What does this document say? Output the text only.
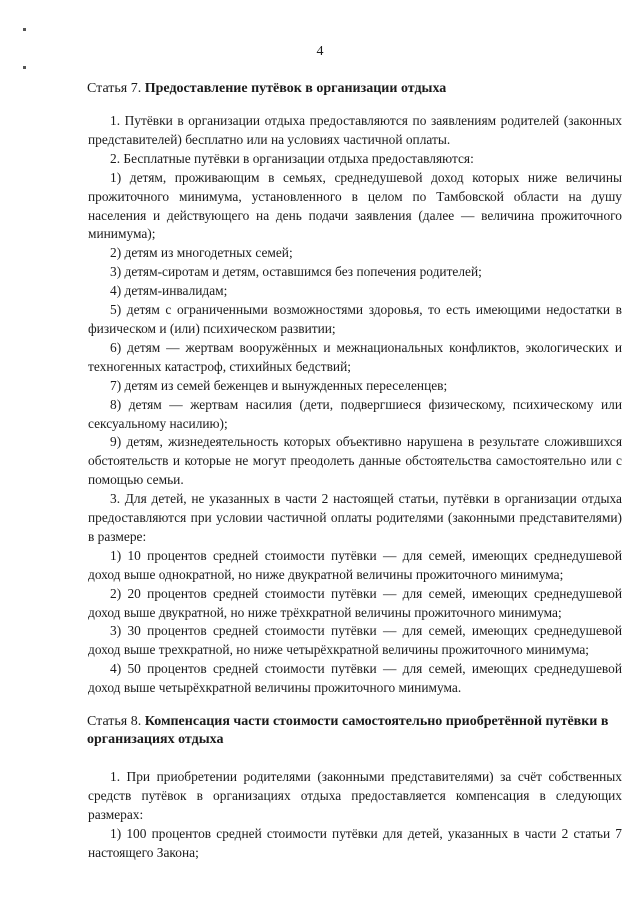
4
Статья 7. Предоставление путёвок в организации отдыха

1. Путёвки в организации отдыха предоставляются по заявлениям родителей (законных представителей) бесплатно или на условиях частичной оплаты.

2. Бесплатные путёвки в организации отдыха предоставляются:

1) детям, проживающим в семьях, среднедушевой доход которых ниже величины прожиточного минимума, установленного в целом по Тамбовской области на душу населения и действующего на день подачи заявления (далее — величина прожиточного минимума);

2) детям из многодетных семей;

3) детям-сиротам и детям, оставшимся без попечения родителей;

4) детям-инвалидам;

5) детям с ограниченными возможностями здоровья, то есть имеющими недостатки в физическом и (или) психическом развитии;

6) детям — жертвам вооружённых и межнациональных конфликтов, экологических и техногенных катастроф, стихийных бедствий;

7) детям из семей беженцев и вынужденных переселенцев;

8) детям — жертвам насилия (дети, подвергшиеся физическому, психическому или сексуальному насилию);

9) детям, жизнедеятельность которых объективно нарушена в результате сложившихся обстоятельств и которые не могут преодолеть данные обстоятельства самостоятельно или с помощью семьи.

3. Для детей, не указанных в части 2 настоящей статьи, путёвки в организации отдыха предоставляются при условии частичной оплаты родителями (законными представителями) в размере:

1) 10 процентов средней стоимости путёвки — для семей, имеющих среднедушевой доход выше однократной, но ниже двукратной величины прожиточного минимума;

2) 20 процентов средней стоимости путёвки — для семей, имеющих среднедушевой доход выше двукратной, но ниже трёхкратной величины прожиточного минимума;

3) 30 процентов средней стоимости путёвки — для семей, имеющих среднедушевой доход выше трехкратной, но ниже четырёхкратной величины прожиточного минимума;

4) 50 процентов средней стоимости путёвки — для семей, имеющих среднедушевой доход выше четырёхкратной величины прожиточного минимума.

Статья 8. Компенсация части стоимости самостоятельно приобретённой путёвки в организациях отдыха

1. При приобретении родителями (законными представителями) за счёт собственных средств путёвок в организациях отдыха предоставляется компенсация в следующих размерах:

1) 100 процентов средней стоимости путёвки для детей, указанных в части 2 статьи 7 настоящего Закона;
